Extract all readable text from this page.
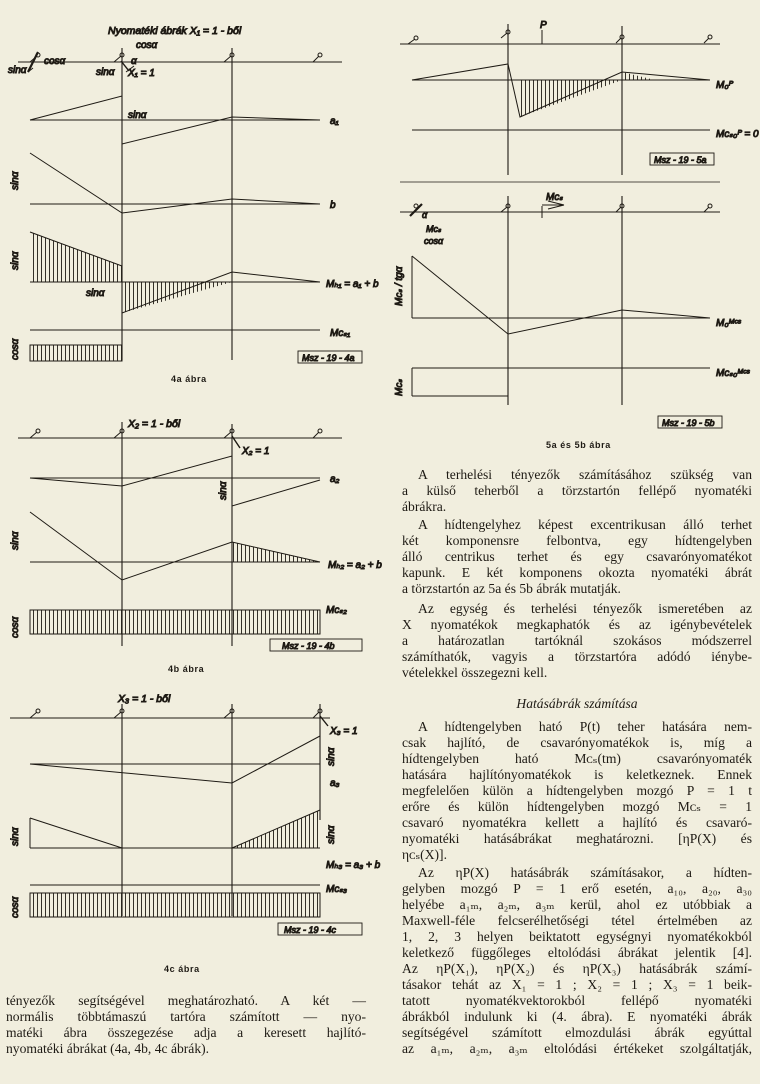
Nyomatéki ábrák X₁ = 1 - ből
cosα
sinα
cosα
α
sinα X₁ = 1
sinα
a₁
sinα
b
sinα
sinα
Mₕ₁ = a₁ + b
cosα
Mᴄₛ₁
Msz - 19 - 4a
4a ábra
X₂ = 1 - ből
X₂ = 1
a₂
sinα
sinα
Mₕ₂ = a₂ + b
cosα
Mᴄₛ₂
Msz - 19 - 4b
4b ábra
X₃ = 1 - ből
X₃ = 1
sinα
a₃
sinα	sinα
Mₕ₃ = a₃ + b
cosα
Mᴄₛ₃
Msz - 19 - 4c
4c ábra
P
M₀ᴾ
Mᴄₛ₀ᴾ = 0
Msz - 19 - 5a
α
Mᴄₛ
cosα
Mᴄₛ
Mᴄₛ / tgα
M₀ᴹᶜˢ
Mᴄₛ
Mᴄₛ₀ᴹᶜˢ
Msz - 19 - 5b
5a és 5b ábra
tényezők segítségével meghatározható. A két —
normális többtámaszú tartóra számított — nyo-
matéki ábra összegezése adja a keresett hajlító-
nyomatéki ábrákat (4a, 4b, 4c ábrák).
A terhelési tényezők számításához szükség van
a külső teherből a törzstartón fellépő nyomatéki
ábrákra.
A hídtengelyhez képest excentrikusan álló terhet
két komponensre felbontva, egy hídtengelyben
álló centrikus terhet és egy csavarónyomatékot
kapunk. E két komponens okozta nyomatéki ábrát
a törzstartón az 5a és 5b ábrák mutatják.
Az egység és terhelési tényezők ismeretében az
X nyomatékok megkaphatók és az igénybevételek
a határozatlan tartóknál szokásos módszerrel
számíthatók, vagyis a törzstartóra adódó iénybe-
vételekkel összegezni kell.
Hatásábrák számítása
A hídtengelyben ható P(t) teher hatására nem-
csak hajlító, de csavarónyomatékok is, míg a
hídtengelyben ható Mᴄₛ(tm) csavarónyomaték
hatására hajlítónyomatékok is keletkeznek. Ennek
megfelelően külön a hídtengelyben mozgó P = 1 t
erőre és külön hídtengelyben mozgó Mᴄₛ = 1
csavaró nyomatékra kellett a hajlító és csavaró-
nyomatéki hatásábrákat meghatározni. [ηP(X) és
ηᴄₛ(X)].
Az ηP(X) hatásábrák számításakor, a hídten-
gelyben mozgó P = 1 erő esetén, a₁₀, a₂₀, a₃₀
helyébe a₁ₘ, a₂ₘ, a₃ₘ kerül, ahol ez utóbbiak a
Maxwell-féle felcserélhetőségi tétel értelmében az
1, 2, 3 helyen beiktatott egységnyi nyomatékokból
keletkező függőleges eltolódási ábrákat jelentik [4].
Az ηP(X₁), ηP(X₂) és ηP(X₃) hatásábrák számí-
tásakor tehát az X₁ = 1 ; X₂ = 1 ; X₃ = 1 beik-
tatott nyomatékvektorokból fellépő nyomatéki
ábrákból indulunk ki (4. ábra). E nyomatéki ábrák
segítségével számított elmozdulási ábrák egyúttal
az a₁ₘ, a₂ₘ, a₃ₘ eltolódási értékeket szolgáltatják,
